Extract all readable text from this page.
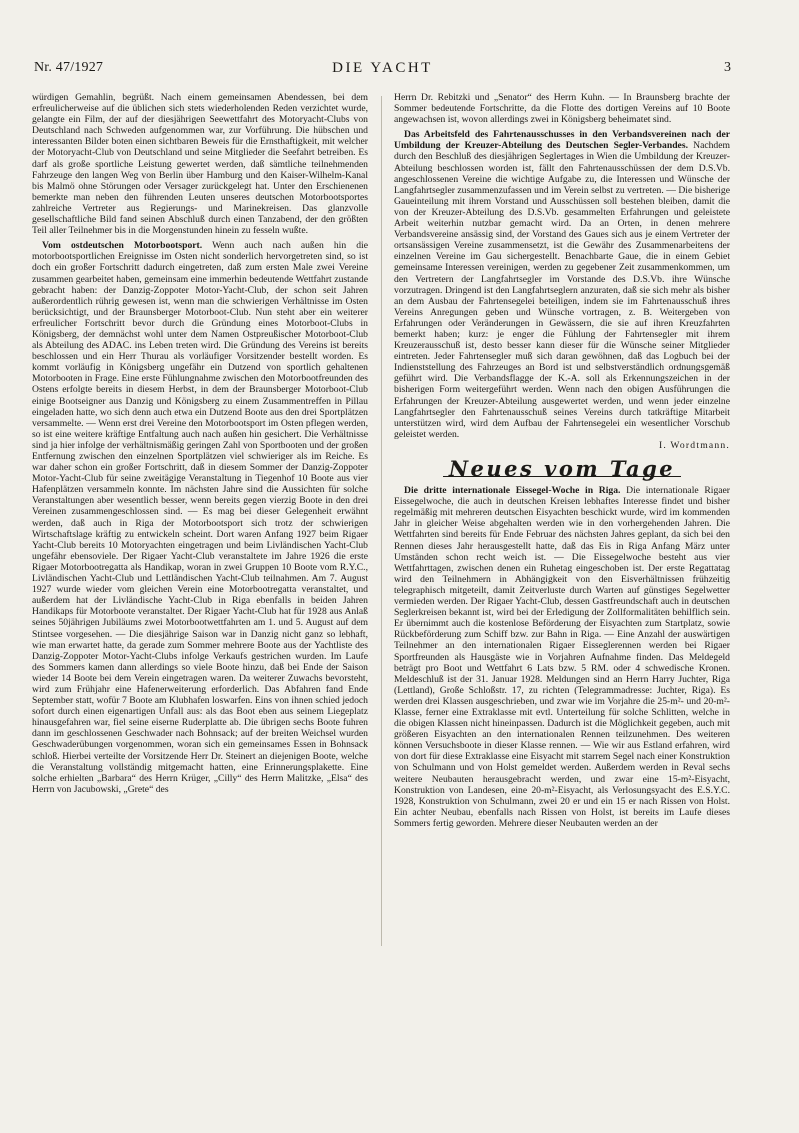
Nr. 47/1927	DIE YACHT	3

würdigen Gemahlin, begrüßt. Nach einem gemeinsamen Abendessen, bei dem erfreulicherweise auf die üblichen sich stets wiederholenden Reden verzichtet wurde, gelangte ein Film, der auf der diesjährigen Seewettfahrt des Motoryacht-Clubs von Deutschland nach Schweden aufgenommen war, zur Vorführung. Die hübschen und interessanten Bilder boten einen sichtbaren Beweis für die Ernsthaftigkeit, mit welcher der Motoryacht-Club von Deutschland und seine Mitglieder die Seefahrt betreiben. Es darf als große sportliche Leistung gewertet werden, daß sämtliche teilnehmenden Fahrzeuge den langen Weg von Berlin über Hamburg und den Kaiser-Wilhelm-Kanal bis Malmö ohne Störungen oder Versager zurückgelegt hat. Unter den Erschienenen bemerkte man neben den führenden Leuten unseres deutschen Motorbootsportes zahlreiche Vertreter aus Regierungs- und Marinekreisen. Das glanzvolle gesellschaftliche Bild fand seinen Abschluß durch einen Tanzabend, der den größten Teil aller Teilnehmer bis in die Morgenstunden hinein zu fesseln wußte.

Vom ostdeutschen Motorbootsport. Wenn auch nach außen hin die motorbootsportlichen Ereignisse im Osten nicht sonderlich hervorgetreten sind, so ist doch ein großer Fortschritt dadurch eingetreten, daß zum ersten Male zwei Vereine zusammen gearbeitet haben, gemeinsam eine immerhin bedeutende Wettfahrt zustande gebracht haben: der Danzig-Zoppoter Motor-Yacht-Club, der schon seit Jahren außerordentlich rührig gewesen ist, wenn man die schwierigen Verhältnisse im Osten berücksichtigt, und der Braunsberger Motorboot-Club. Nun steht aber ein weiterer erfreulicher Fortschritt bevor durch die Gründung eines Motorboot-Clubs in Königsberg, der demnächst wohl unter dem Namen Ostpreußischer Motorboot-Club als Abteilung des ADAC. ins Leben treten wird. Die Gründung des Vereins ist bereits beschlossen und ein Herr Thurau als vorläufiger Vorsitzender bestellt worden. Es kommt vorläufig in Königsberg ungefähr ein Dutzend von sportlich gehaltenen Motorbooten in Frage. Eine erste Fühlungnahme zwischen den Motorbootfreunden des Ostens erfolgte bereits in diesem Herbst, in dem der Braunsberger Motorboot-Club einige Bootseigner aus Danzig und Königsberg zu einem Zusammentreffen in Pillau eingeladen hatte, wo sich denn auch etwa ein Dutzend Boote aus den drei Sportplätzen versammelte. — Wenn erst drei Vereine den Motorbootsport im Osten pflegen werden, so ist eine weitere kräftige Entfaltung auch nach außen hin gesichert. Die Verhältnisse sind ja hier infolge der verhältnismäßig geringen Zahl von Sportbooten und der großen Entfernung zwischen den einzelnen Sportplätzen viel schwieriger als im Reiche. Es war daher schon ein großer Fortschritt, daß in diesem Sommer der Danzig-Zoppoter Motor-Yacht-Club für seine zweitägige Veranstaltung in Tiegenhof 10 Boote aus vier Hafenplätzen versammeln konnte. Im nächsten Jahre sind die Aussichten für solche Veranstaltungen aber wesentlich besser, wenn bereits gegen vierzig Boote in den drei Vereinen zusammengeschlossen sind. — Es mag bei dieser Gelegenheit erwähnt werden, daß auch in Riga der Motorbootsport sich trotz der schwierigen Wirtschaftslage kräftig zu entwickeln scheint. Dort waren Anfang 1927 beim Rigaer Yacht-Club bereits 10 Motoryachten eingetragen und beim Livländischen Yacht-Club ungefähr ebensoviele. Der Rigaer Yacht-Club veranstaltete im Jahre 1926 die erste Rigaer Motorbootregatta als Handikap, woran in zwei Gruppen 10 Boote vom R.Y.C., Livländischen Yacht-Club und Lettländischen Yacht-Club teilnahmen. Am 7. August 1927 wurde wieder vom gleichen Verein eine Motorbootregatta veranstaltet, und außerdem hat der Livländische Yacht-Club in Riga ebenfalls in beiden Jahren Handikaps für Motorboote veranstaltet. Der Rigaer Yacht-Club hat für 1928 aus Anlaß seines 50jährigen Jubiläums zwei Motorbootwettfahrten am 1. und 5. August auf dem Stintsee vorgesehen. — Die diesjährige Saison war in Danzig nicht ganz so lebhaft, wie man erwartet hatte, da gerade zum Sommer mehrere Boote aus der Yachtliste des Danzig-Zoppoter Motor-Yacht-Clubs infolge Verkaufs gestrichen wurden. Im Laufe des Sommers kamen dann allerdings so viele Boote hinzu, daß bei Ende der Saison wieder 14 Boote bei dem Verein eingetragen waren. Da weiterer Zuwachs bevorsteht, wird zum Frühjahr eine Hafenerweiterung erforderlich. Das Abfahren fand Ende September statt, wofür 7 Boote am Klubhafen loswarfen. Eins von ihnen schied jedoch sofort durch einen eigenartigen Unfall aus: als das Boot eben aus seinem Liegeplatz hinausgefahren war, fiel seine eiserne Ruderplatte ab. Die übrigen sechs Boote fuhren dann im geschlossenen Geschwader nach Bohnsack; auf der breiten Weichsel wurden Geschwaderübungen vorgenommen, woran sich ein gemeinsames Essen in Bohnsack schloß. Hierbei verteilte der Vorsitzende Herr Dr. Steinert an diejenigen Boote, welche die Veranstaltung vollständig mitgemacht hatten, eine Erinnerungsplakette. Eine solche erhielten „Barbara“ des Herrn Krüger, „Cilly“ des Herrn Malitzke, „Elsa“ des Herrn von Jacubowski, „Grete“ des

Herrn Dr. Rebitzki und „Senator“ des Herrn Kuhn. — In Braunsberg brachte der Sommer bedeutende Fortschritte, da die Flotte des dortigen Vereins auf 10 Boote angewachsen ist, wovon allerdings zwei in Königsberg beheimatet sind.

Das Arbeitsfeld des Fahrtenausschusses in den Verbandsvereinen nach der Umbildung der Kreuzer-Abteilung des Deutschen Segler-Verbandes. Nachdem durch den Beschluß des diesjährigen Seglertages in Wien die Umbildung der Kreuzer-Abteilung beschlossen worden ist, fällt den Fahrtenausschüssen der dem D.S.Vb. angeschlossenen Vereine die wichtige Aufgabe zu, die Interessen und Wünsche der Langfahrtsegler zusammenzufassen und im Verein selbst zu vertreten. — Die bisherige Gaueinteilung mit ihrem Vorstand und Ausschüssen soll bestehen bleiben, damit die von der Kreuzer-Abteilung des D.S.Vb. gesammelten Erfahrungen und geleistete Arbeit weiterhin nutzbar gemacht wird. Da an Orten, in denen mehrere Verbandsvereine ansässig sind, der Vorstand des Gaues sich aus je einem Vertreter der ortsansässigen Vereine zusammensetzt, ist die Gewähr des Zusammenarbeitens der einzelnen Vereine im Gau sichergestellt. Benachbarte Gaue, die in einem Gebiet gemeinsame Interessen vereinigen, werden zu gegebener Zeit zusammenkommen, um den Vertretern der Langfahrtsegler im Vorstande des D.S.Vb. ihre Wünsche vorzutragen. Dringend ist den Langfahrtseglern anzuraten, daß sie sich mehr als bisher an dem Ausbau der Fahrtensegelei beteiligen, indem sie im Fahrtenausschuß ihres Vereins Anregungen geben und Wünsche vortragen, z. B. Weitergeben von Erfahrungen oder Veränderungen in Gewässern, die sie auf ihren Kreuzfahrten bemerkt haben; kurz: je enger die Fühlung der Fahrtensegler mit ihrem Kreuzerausschuß ist, desto besser kann dieser für die Wünsche seiner Mitglieder eintreten. Jeder Fahrtensegler muß sich daran gewöhnen, daß das Logbuch bei der Indienststellung des Fahrzeuges an Bord ist und selbstverständlich ordnungsgemäß geführt wird. Die Verbandsflagge der K.-A. soll als Erkennungszeichen in der bisherigen Form weitergeführt werden. Wenn nach den obigen Ausführungen die Erfahrungen der Kreuzer-Abteilung ausgewertet werden, und wenn jeder einzelne Langfahrtsegler den Fahrtenausschuß seines Vereins durch tatkräftige Mitarbeit unterstützen wird, wird dem Aufbau der Fahrtensegelei ein wesentlicher Vorschub geleistet werden.
I. Wordtmann.

Neues vom Tage

Die dritte internationale Eissegel-Woche in Riga. Die internationale Rigaer Eissegelwoche, die auch in deutschen Kreisen lebhaftes Interesse findet und bisher regelmäßig mit mehreren deutschen Eisyachten beschickt wurde, wird im kommenden Jahr in gleicher Weise abgehalten werden wie in den vorhergehenden Jahren. Die Wettfahrten sind bereits für Ende Februar des nächsten Jahres geplant, da sich bei den Rennen dieses Jahr herausgestellt hatte, daß das Eis in Riga Anfang März unter Umständen schon recht weich ist. — Die Eissegelwoche besteht aus vier Wettfahrttagen, zwischen denen ein Ruhetag eingeschoben ist. Der erste Regattatag wird den Teilnehmern in Abhängigkeit von den Eisverhältnissen frühzeitig telegraphisch mitgeteilt, damit Zeitverluste durch Warten auf günstiges Segelwetter vermieden werden. Der Rigaer Yacht-Club, dessen Gastfreundschaft auch in deutschen Seglerkreisen bekannt ist, wird bei der Erledigung der Zollformalitäten behilflich sein. Er übernimmt auch die kostenlose Beförderung der Eisyachten zum Startplatz, sowie Rückbeförderung zum Schiff bzw. zur Bahn in Riga. — Eine Anzahl der auswärtigen Teilnehmer an den internationalen Rigaer Eisseglerennen werden bei Rigaer Sportfreunden als Hausgäste wie in Vorjahren Aufnahme finden. Das Meldegeld beträgt pro Boot und Wettfahrt 6 Lats bzw. 5 RM. oder 4 schwedische Kronen. Meldeschluß ist der 31. Januar 1928. Meldungen sind an Herrn Harry Juchter, Riga (Lettland), Große Schloßstr. 17, zu richten (Telegrammadresse: Juchter, Riga). Es werden drei Klassen ausgeschrieben, und zwar wie im Vorjahre die 25-m²- und 20-m²-Klasse, ferner eine Extraklasse mit evtl. Unterteilung für solche Schlitten, welche in die obigen Klassen nicht hineinpassen. Dadurch ist die Möglichkeit gegeben, auch mit größeren Eisyachten an den internationalen Rennen teilzunehmen. Des weiteren können Versuchsboote in dieser Klasse rennen. — Wie wir aus Estland erfahren, wird von dort für diese Extraklasse eine Eisyacht mit starrem Segel nach einer Konstruktion von Schulmann und von Holst gemeldet werden. Außerdem werden in Reval sechs weitere Neubauten herausgebracht werden, und zwar eine 15-m²-Eisyacht, Konstruktion von Landesen, eine 20-m²-Eisyacht, als Verlosungsyacht des E.S.Y.C. 1928, Konstruktion von Schulmann, zwei 20 er und ein 15 er nach Rissen von Holst. Ein achter Neubau, ebenfalls nach Rissen von Holst, ist bereits im Laufe dieses Sommers fertig geworden. Mehrere dieser Neubauten werden an der
